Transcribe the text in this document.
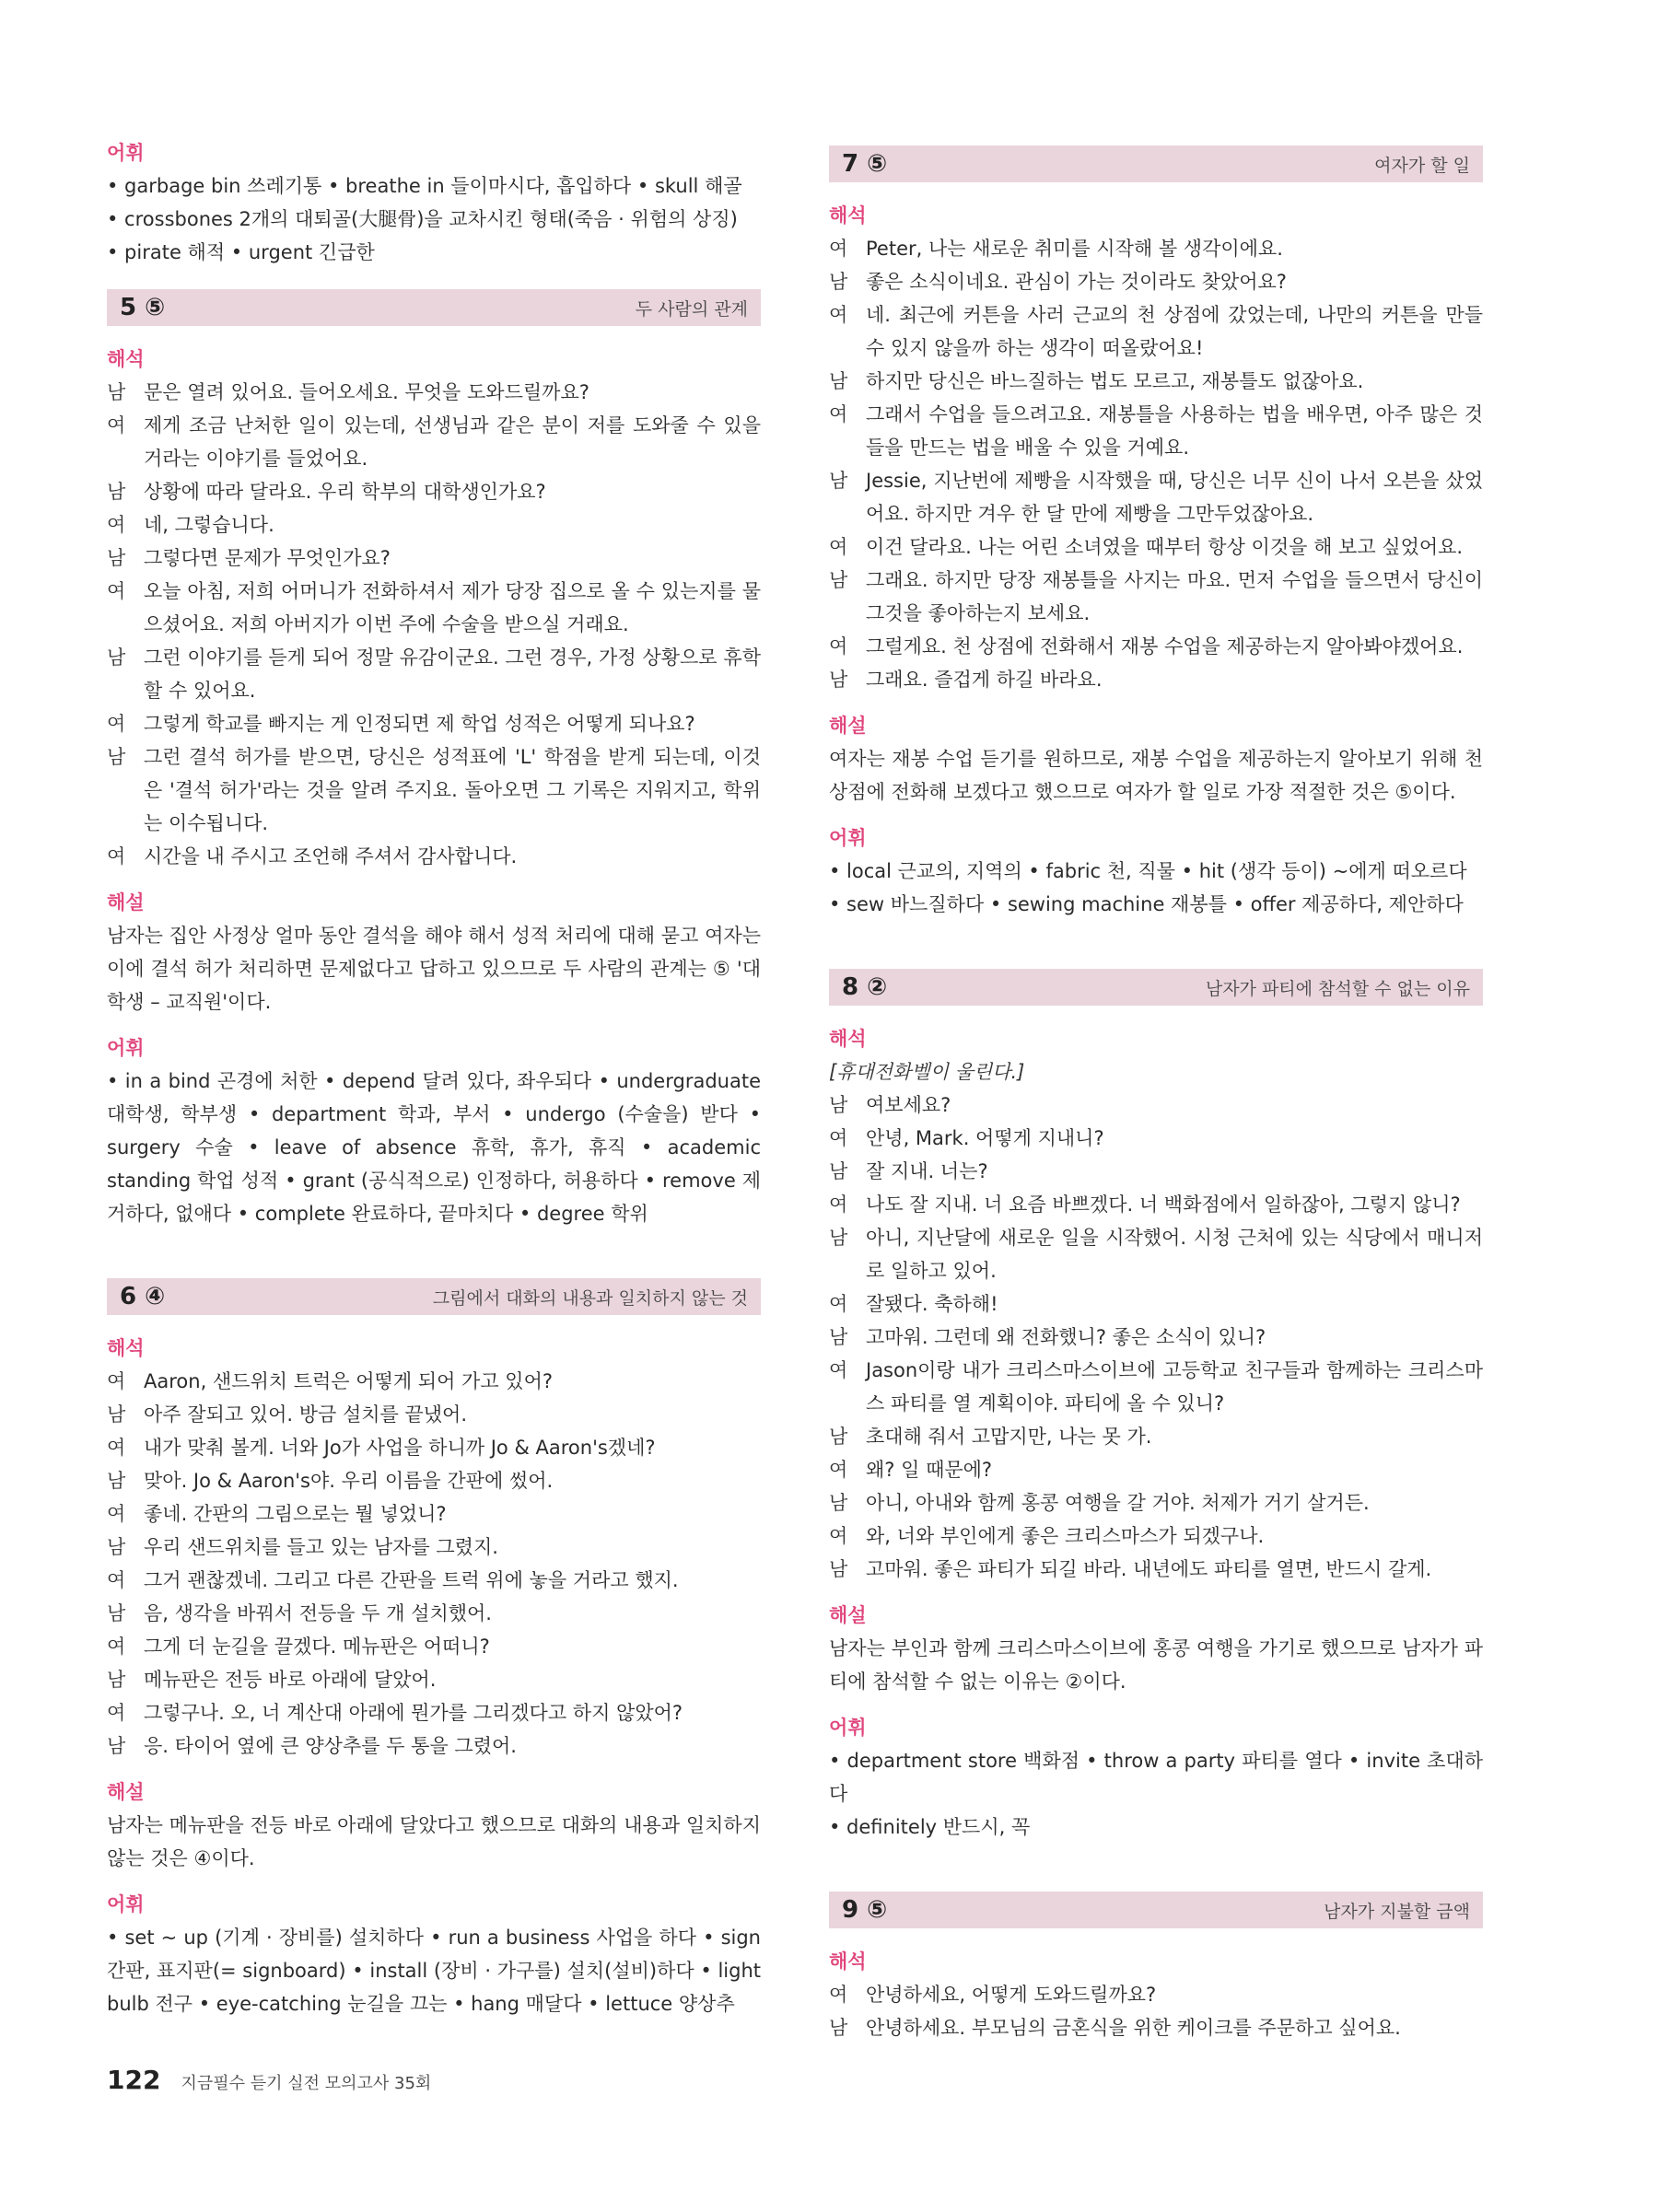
어휘
• garbage bin 쓰레기통 • breathe in 들이마시다, 흡입하다 • skull 해골
• crossbones 2개의 대퇴골(大腿骨)을 교차시킨 형태(죽음 · 위험의 상징)
• pirate 해적 • urgent 긴급한
5 ⑤	두 사람의 관계
해석
남 문은 열려 있어요. 들어오세요. 무엇을 도와드릴까요?
여 제게 조금 난처한 일이 있는데, 선생님과 같은 분이 저를 도와줄 수 있을 거라는 이야기를 들었어요.
남 상황에 따라 달라요. 우리 학부의 대학생인가요?
여 네, 그렇습니다.
남 그렇다면 문제가 무엇인가요?
여 오늘 아침, 저희 어머니가 전화하셔서 제가 당장 집으로 올 수 있는지를 물으셨어요. 저희 아버지가 이번 주에 수술을 받으실 거래요.
남 그런 이야기를 듣게 되어 정말 유감이군요. 그런 경우, 가정 상황으로 휴학할 수 있어요.
여 그렇게 학교를 빠지는 게 인정되면 제 학업 성적은 어떻게 되나요?
남 그런 결석 허가를 받으면, 당신은 성적표에 'L' 학점을 받게 되는데, 이것은 '결석 허가'라는 것을 알려 주지요. 돌아오면 그 기록은 지워지고, 학위는 이수됩니다.
여 시간을 내 주시고 조언해 주셔서 감사합니다.
해설
남자는 집안 사정상 얼마 동안 결석을 해야 해서 성적 처리에 대해 묻고 여자는 이에 결석 허가 처리하면 문제없다고 답하고 있으므로 두 사람의 관계는 ⑤ '대학생 – 교직원'이다.
어휘
• in a bind 곤경에 처한 • depend 달려 있다, 좌우되다 • undergraduate 대학생, 학부생 • department 학과, 부서 • undergo (수술을) 받다 • surgery 수술 • leave of absence 휴학, 휴가, 휴직 • academic standing 학업 성적 • grant (공식적으로) 인정하다, 허용하다 • remove 제거하다, 없애다 • complete 완료하다, 끝마치다 • degree 학위
6 ④	그림에서 대화의 내용과 일치하지 않는 것
해석
여 Aaron, 샌드위치 트럭은 어떻게 되어 가고 있어?
남 아주 잘되고 있어. 방금 설치를 끝냈어.
여 내가 맞춰 볼게. 너와 Jo가 사업을 하니까 Jo & Aaron's겠네?
남 맞아. Jo & Aaron's야. 우리 이름을 간판에 썼어.
여 좋네. 간판의 그림으로는 뭘 넣었니?
남 우리 샌드위치를 들고 있는 남자를 그렸지.
여 그거 괜찮겠네. 그리고 다른 간판을 트럭 위에 놓을 거라고 했지.
남 음, 생각을 바꿔서 전등을 두 개 설치했어.
여 그게 더 눈길을 끌겠다. 메뉴판은 어떠니?
남 메뉴판은 전등 바로 아래에 달았어.
여 그렇구나. 오, 너 계산대 아래에 뭔가를 그리겠다고 하지 않았어?
남 응. 타이어 옆에 큰 양상추를 두 통을 그렸어.
해설
남자는 메뉴판을 전등 바로 아래에 달았다고 했으므로 대화의 내용과 일치하지 않는 것은 ④이다.
어휘
• set ~ up (기계 · 장비를) 설치하다 • run a business 사업을 하다 • sign 간판, 표지판(= signboard) • install (장비 · 가구를) 설치(설비)하다 • light bulb 전구 • eye-catching 눈길을 끄는 • hang 매달다 • lettuce 양상추
7 ⑤	여자가 할 일
해석
여 Peter, 나는 새로운 취미를 시작해 볼 생각이에요.
남 좋은 소식이네요. 관심이 가는 것이라도 찾았어요?
여 네. 최근에 커튼을 사러 근교의 천 상점에 갔었는데, 나만의 커튼을 만들 수 있지 않을까 하는 생각이 떠올랐어요!
남 하지만 당신은 바느질하는 법도 모르고, 재봉틀도 없잖아요.
여 그래서 수업을 들으려고요. 재봉틀을 사용하는 법을 배우면, 아주 많은 것들을 만드는 법을 배울 수 있을 거예요.
남 Jessie, 지난번에 제빵을 시작했을 때, 당신은 너무 신이 나서 오븐을 샀었어요. 하지만 겨우 한 달 만에 제빵을 그만두었잖아요.
여 이건 달라요. 나는 어린 소녀였을 때부터 항상 이것을 해 보고 싶었어요.
남 그래요. 하지만 당장 재봉틀을 사지는 마요. 먼저 수업을 들으면서 당신이 그것을 좋아하는지 보세요.
여 그럴게요. 천 상점에 전화해서 재봉 수업을 제공하는지 알아봐야겠어요.
남 그래요. 즐겁게 하길 바라요.
해설
여자는 재봉 수업 듣기를 원하므로, 재봉 수업을 제공하는지 알아보기 위해 천 상점에 전화해 보겠다고 했으므로 여자가 할 일로 가장 적절한 것은 ⑤이다.
어휘
• local 근교의, 지역의 • fabric 천, 직물 • hit (생각 등이) ~에게 떠오르다
• sew 바느질하다 • sewing machine 재봉틀 • offer 제공하다, 제안하다
8 ②	남자가 파티에 참석할 수 없는 이유
해석
[휴대전화벨이 울린다.]
남 여보세요?
여 안녕, Mark. 어떻게 지내니?
남 잘 지내. 너는?
여 나도 잘 지내. 너 요즘 바쁘겠다. 너 백화점에서 일하잖아, 그렇지 않니?
남 아니, 지난달에 새로운 일을 시작했어. 시청 근처에 있는 식당에서 매니저로 일하고 있어.
여 잘됐다. 축하해!
남 고마워. 그런데 왜 전화했니? 좋은 소식이 있니?
여 Jason이랑 내가 크리스마스이브에 고등학교 친구들과 함께하는 크리스마스 파티를 열 계획이야. 파티에 올 수 있니?
남 초대해 줘서 고맙지만, 나는 못 가.
여 왜? 일 때문에?
남 아니, 아내와 함께 홍콩 여행을 갈 거야. 처제가 거기 살거든.
여 와, 너와 부인에게 좋은 크리스마스가 되겠구나.
남 고마워. 좋은 파티가 되길 바라. 내년에도 파티를 열면, 반드시 갈게.
해설
남자는 부인과 함께 크리스마스이브에 홍콩 여행을 가기로 했으므로 남자가 파티에 참석할 수 없는 이유는 ②이다.
어휘
• department store 백화점 • throw a party 파티를 열다 • invite 초대하다
• definitely 반드시, 꼭
9 ⑤	남자가 지불할 금액
해석
여 안녕하세요, 어떻게 도와드릴까요?
남 안녕하세요. 부모님의 금혼식을 위한 케이크를 주문하고 싶어요.
122 지금필수 듣기 실전 모의고사 35회
